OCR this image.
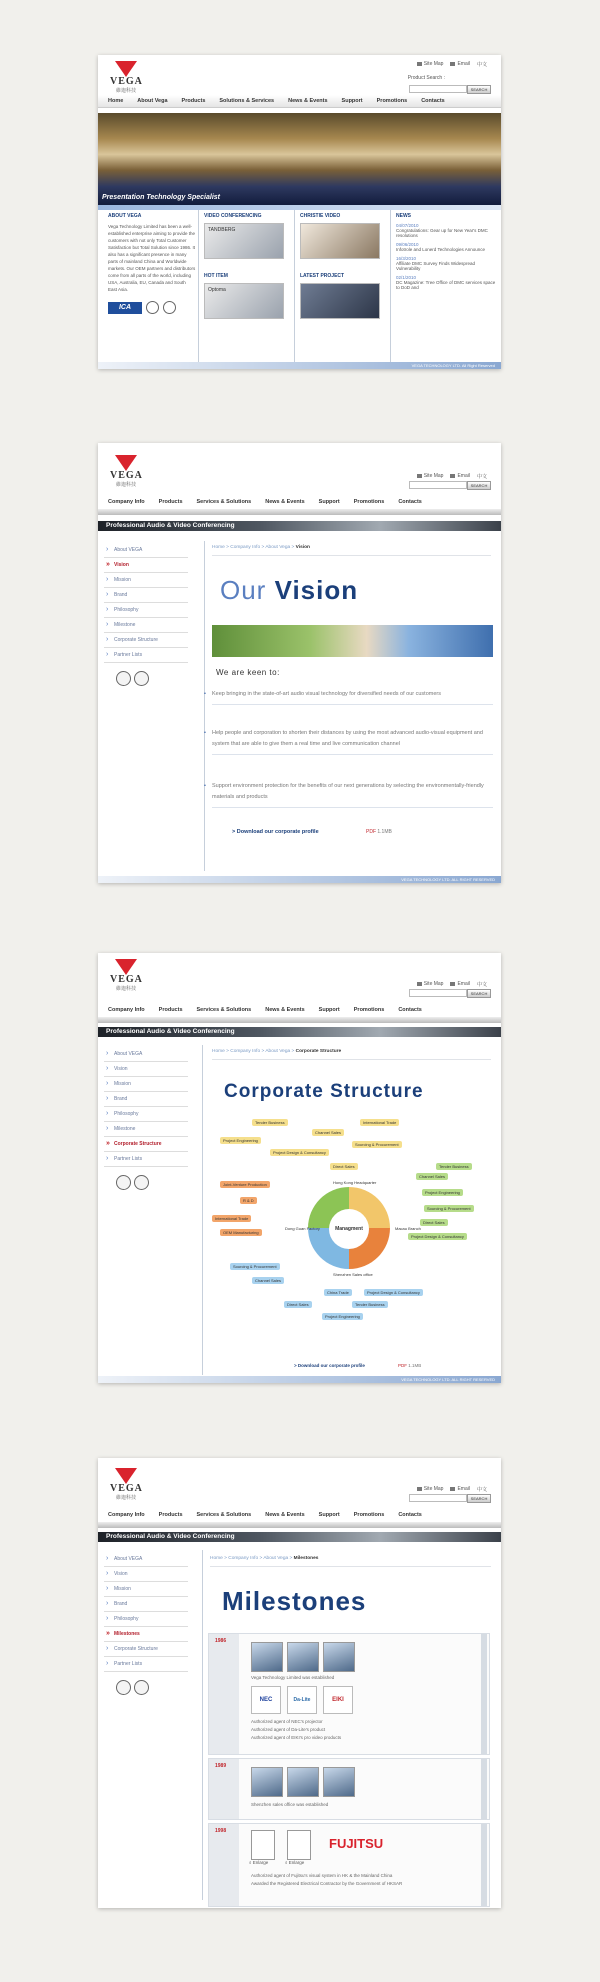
VEGA
維迦科技
Site Map	Email 中文
Product Search :
SEARCH
Home	About Vega	Products	Solutions & Services	News & Events	Support	Promotions	Contacts
Presentation Technology Specialist
ABOUT VEGA
Vega Technology Limited has been a well-established enterprise aiming to provide the customers with not only Total Customer Satisfaction but Total Solution since 1986. It also has a significant presence in many parts of mainland China and Worldwide markets. Our OEM partners and distributors come from all parts of the world, including USA, Australia, EU, Canada and South East Asia.
ICA
VIDEO CONFERENCING
TANDBERG
HOT ITEM
Optoma
CHRISTIE VIDEO
LATEST PROJECT
NEWS
04/07/2010
Congratulations: Gear up for New Year's DMC resolutions
09/06/2010
Infotrole and Lonerd Technologies Announce
16/3/2010
Affiliate DMC Survey Finds Widespread Vulnerability
02/1/2010
DC Magazine: Tree Office of DMC services space to DoD and
VEGA TECHNOLOGY LTD. All Right Reserved
VEGA
維迦科技
Site Map	Email 中文
SEARCH
Company Info	Products	Services & Solutions	News & Events	Support	Promotions	Contacts
Professional Audio & Video Conferencing
› About VEGA
» Vision
› Mission
› Brand
› Philosophy
› Milestone
› Corporate Structure
› Partner Lists
Home > Company Info > About Vega > Vision
Our Vision
We are keen to:
• Keep bringing in the state-of-art audio visual technology for diversified needs of our customers
• Help people and corporation to shorten their distances by using the most advanced audio-visual equipment and system that are able to give them a real time and live communication channel
• Support environment protection for the benefits of our next generations by selecting the environmentally-friendly materials and products
> Download our corporate profile	PDF 1.1MB
VEGA TECHNOLOGY LTD. ALL RIGHT RESERVED
VEGA
維迦科技
Site Map	Email 中文
SEARCH
Company Info	Products	Services & Solutions	News & Events	Support	Promotions	Contacts
Professional Audio & Video Conferencing
› About VEGA
› Vision
› Mission
› Brand
› Philosophy
› Milestone
» Corporate Structure
› Partner Lists
Home > Company Info > About Vega > Corporate Structure
Corporate Structure
Managment
Hong Kong Headquarter
Macau Branch
Shenzhen Sales office
Dong Guan Factory
Tender Business	International Trade
Channel Sales
Project Engineering
Project Design & Consultancy
Sourcing & Procurement
Direct Sales
Joint-Venture Production
R & D
International Trade
OEM Manufacturing
Tender Business
Channel Sales
Project Engineering
Sourcing & Procurement
Direct Sales
Project Design & Consultancy
Sourcing & Procurement
Channel Sales
China Trade	Project Design & Consultancy
Direct Sales	Tender Business
Project Engineering
> Download our corporate profile	PDF 1.1MB
VEGA TECHNOLOGY LTD. ALL RIGHT RESERVED
VEGA
維迦科技
Site Map	Email 中文
SEARCH
Company Info	Products	Services & Solutions	News & Events	Support	Promotions	Contacts
Professional Audio & Video Conferencing
› About VEGA
› Vision
› Mission
› Brand
› Philosophy
» Milestones
› Corporate Structure
› Partner Lists
Home > Company Info > About Vega > Milestones
Milestones
1986
Vega Technology Limited was established
NEC	Da-Lite	EIKI
Authorized agent of NEC's projector
Authorized agent of Da-Lite's product
Authorized agent of EIKI's pro video products
1989
Shenzhen sales office was established
1998
⌕ Enlarge	⌕ Enlarge
FUJITSU
Authorized agent of Fujitsu's visual system in HK & the Mainland China
Awarded the Registered Electrical Contractor by the Government of HKSAR
